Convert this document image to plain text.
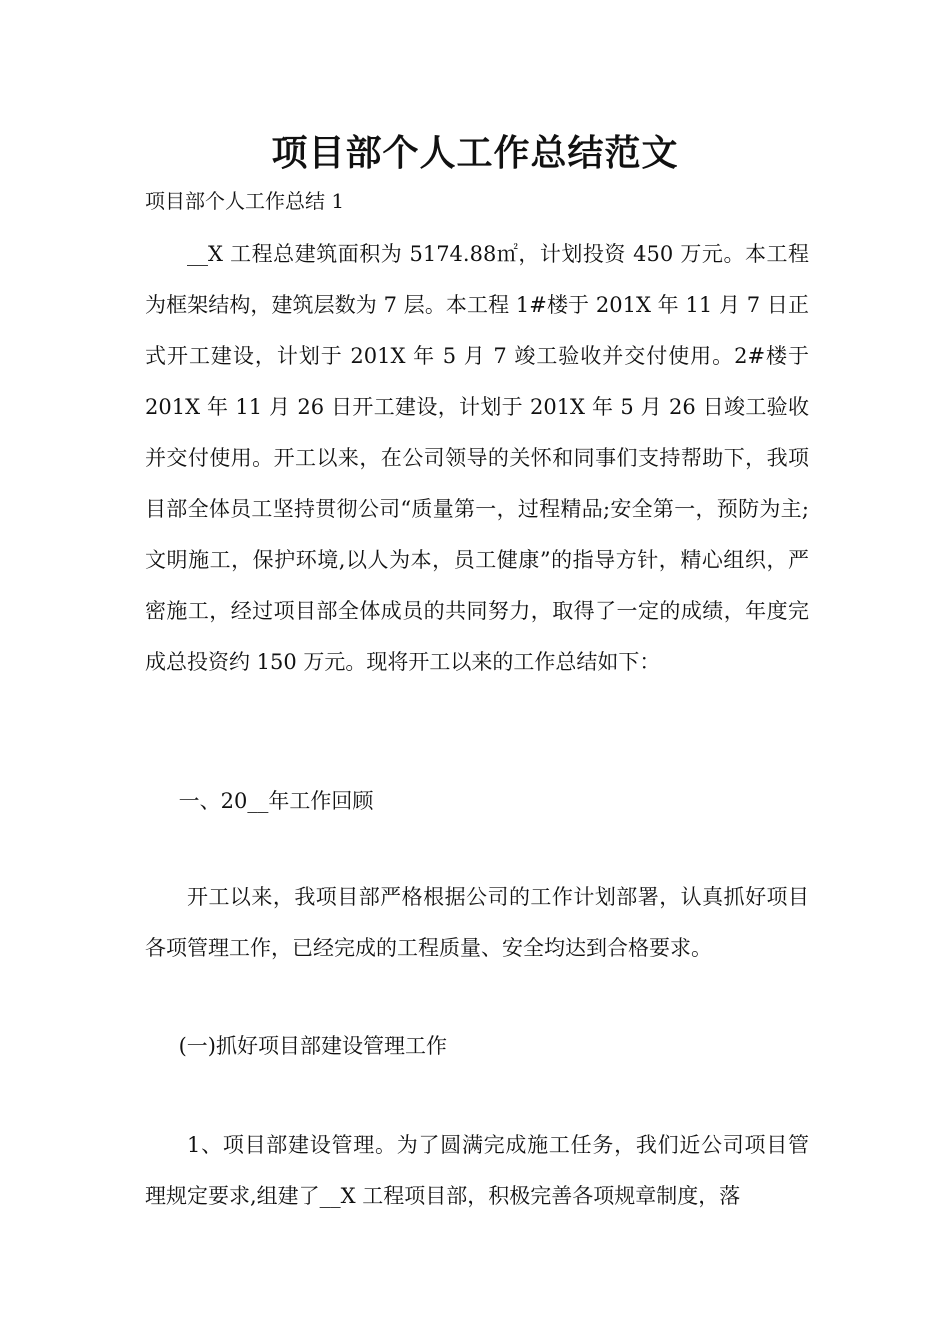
项目部个人工作总结范文
项目部个人工作总结 1

__X 工程总建筑面积为 5174.88㎡，计划投资 450 万元。本工程为框架结构，建筑层数为 7 层。本工程 1#楼于 201X 年 11 月 7 日正式开工建设，计划于 201X 年 5 月 7 竣工验收并交付使用。2#楼于 201X 年 11 月 26 日开工建设，计划于 201X 年 5 月 26 日竣工验收并交付使用。开工以来，在公司领导的关怀和同事们支持帮助下，我项目部全体员工坚持贯彻公司“质量第一，过程精品;安全第一，预防为主;文明施工，保护环境,以人为本，员工健康”的指导方针，精心组织，严密施工，经过项目部全体成员的共同努力，取得了一定的成绩，年度完成总投资约 150 万元。现将开工以来的工作总结如下：

一、20__年工作回顾

开工以来，我项目部严格根据公司的工作计划部署，认真抓好项目各项管理工作，已经完成的工程质量、安全均达到合格要求。

(一)抓好项目部建设管理工作

1、项目部建设管理。为了圆满完成施工任务，我们近公司项目管理规定要求,组建了__X 工程项目部，积极完善各项规章制度，落
